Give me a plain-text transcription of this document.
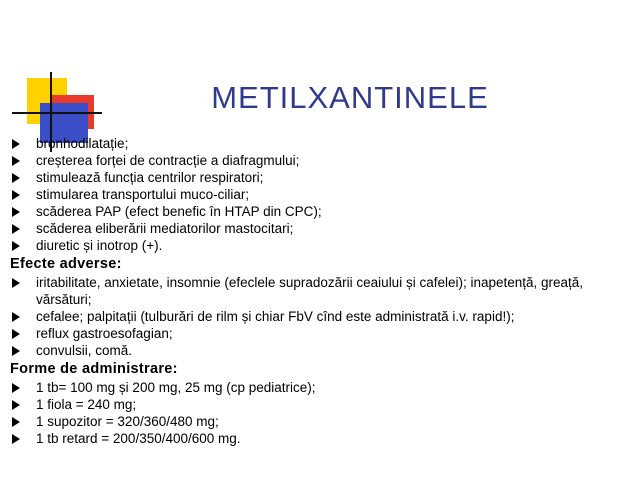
METILXANTINELE
bronhodilatație;
creșterea forței de contracție a diafragmului;
stimulează funcția centrilor respiratori;
stimularea transportului muco-ciliar;
scăderea PAP (efect benefic în HTAP din CPC);
scăderea eliberării mediatorilor mastocitari;
diuretic și inotrop (+).
Efecte adverse:
iritabilitate, anxietate, insomnie (efeclele supradozării ceaiului și cafelei); inapetență, greață, vărsături;
cefalee; palpitații (tulburări de rilm și chiar FbV cînd este administrată i.v. rapid!);
reflux gastroesofagian;
convulsii, comă.
Forme de administrare:
1 tb= 100 mg și 200 mg, 25 mg (cp pediatrice);
1 fiola = 240 mg;
1 supozitor = 320/360/480 mg;
1 tb retard = 200/350/400/600 mg.
